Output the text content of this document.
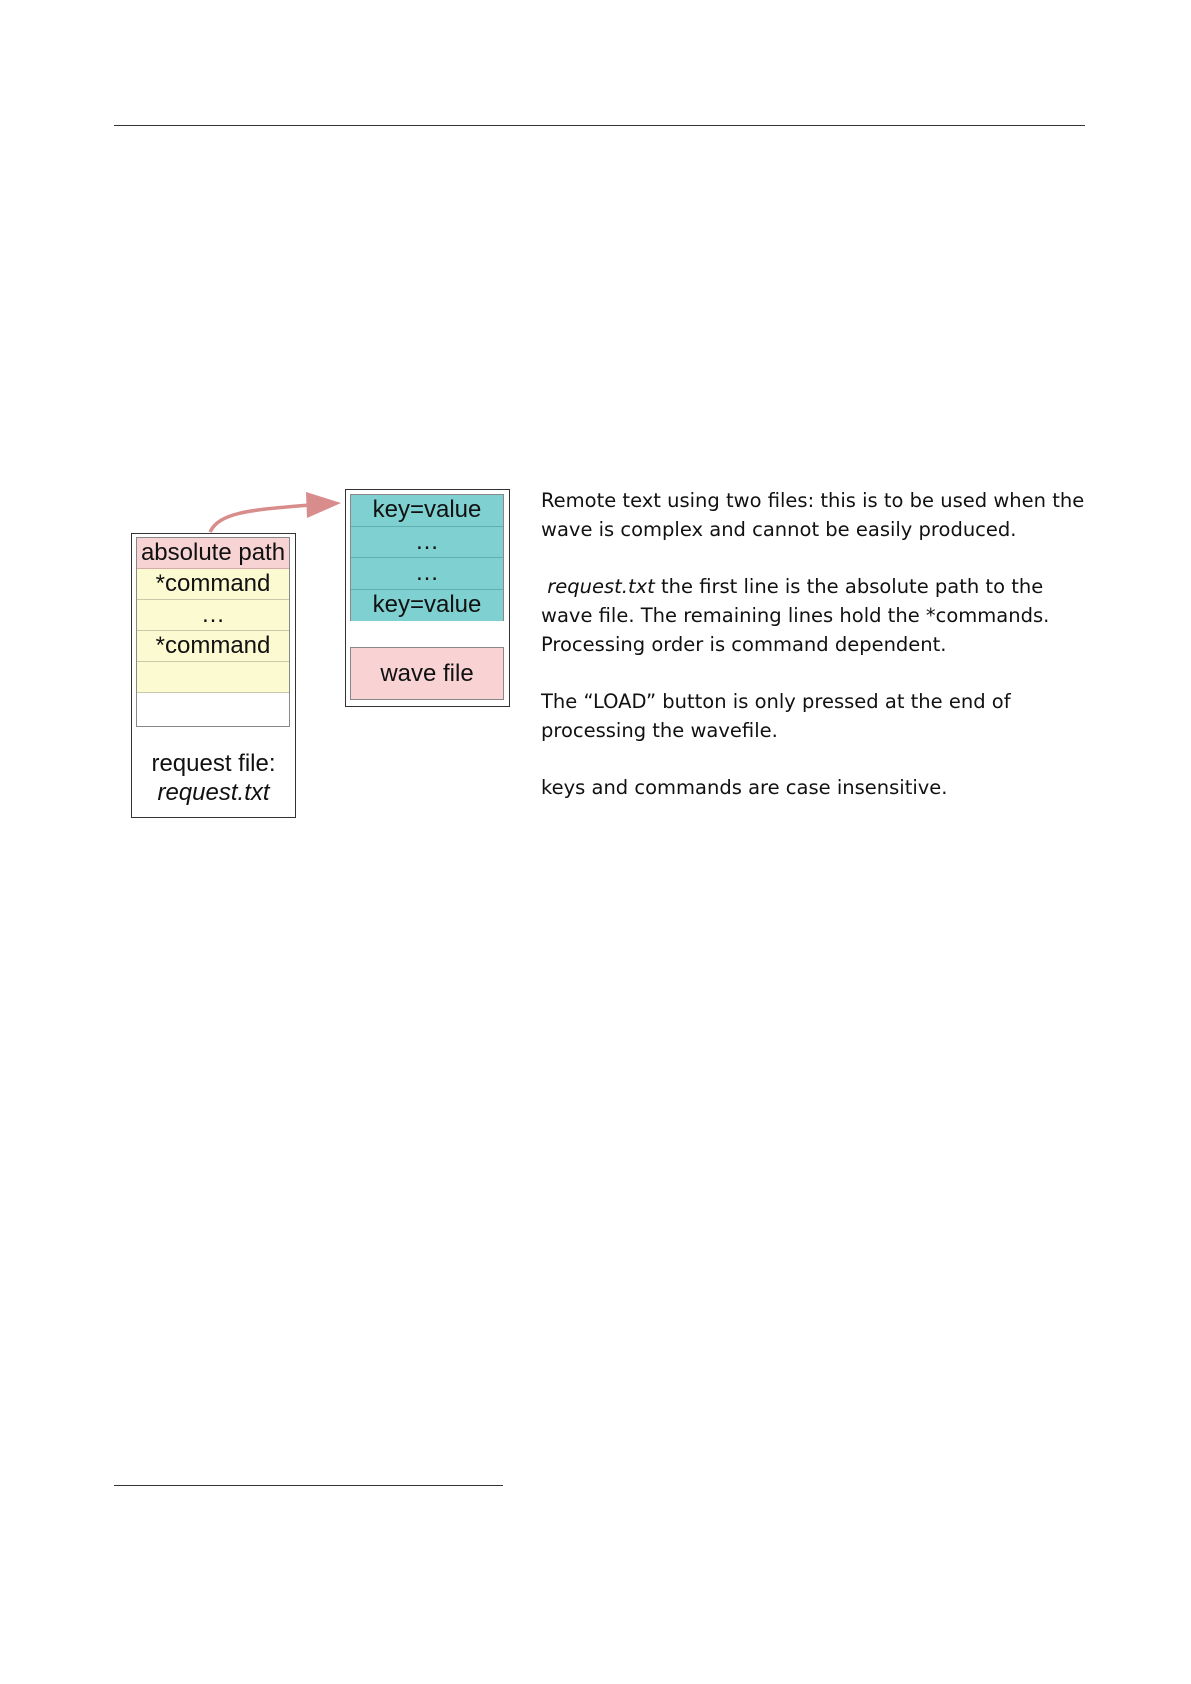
absolute path
*command
…
*command
request file:
request.txt
key=value
…
…
key=value
wave file

Remote text using two files: this is to be used when the wave is complex and cannot be easily produced.

request.txt the first line is the absolute path to the wave file. The remaining lines hold the *commands. Processing order is command dependent.

The “LOAD” button is only pressed at the end of processing the wavefile.

keys and commands are case insensitive.
